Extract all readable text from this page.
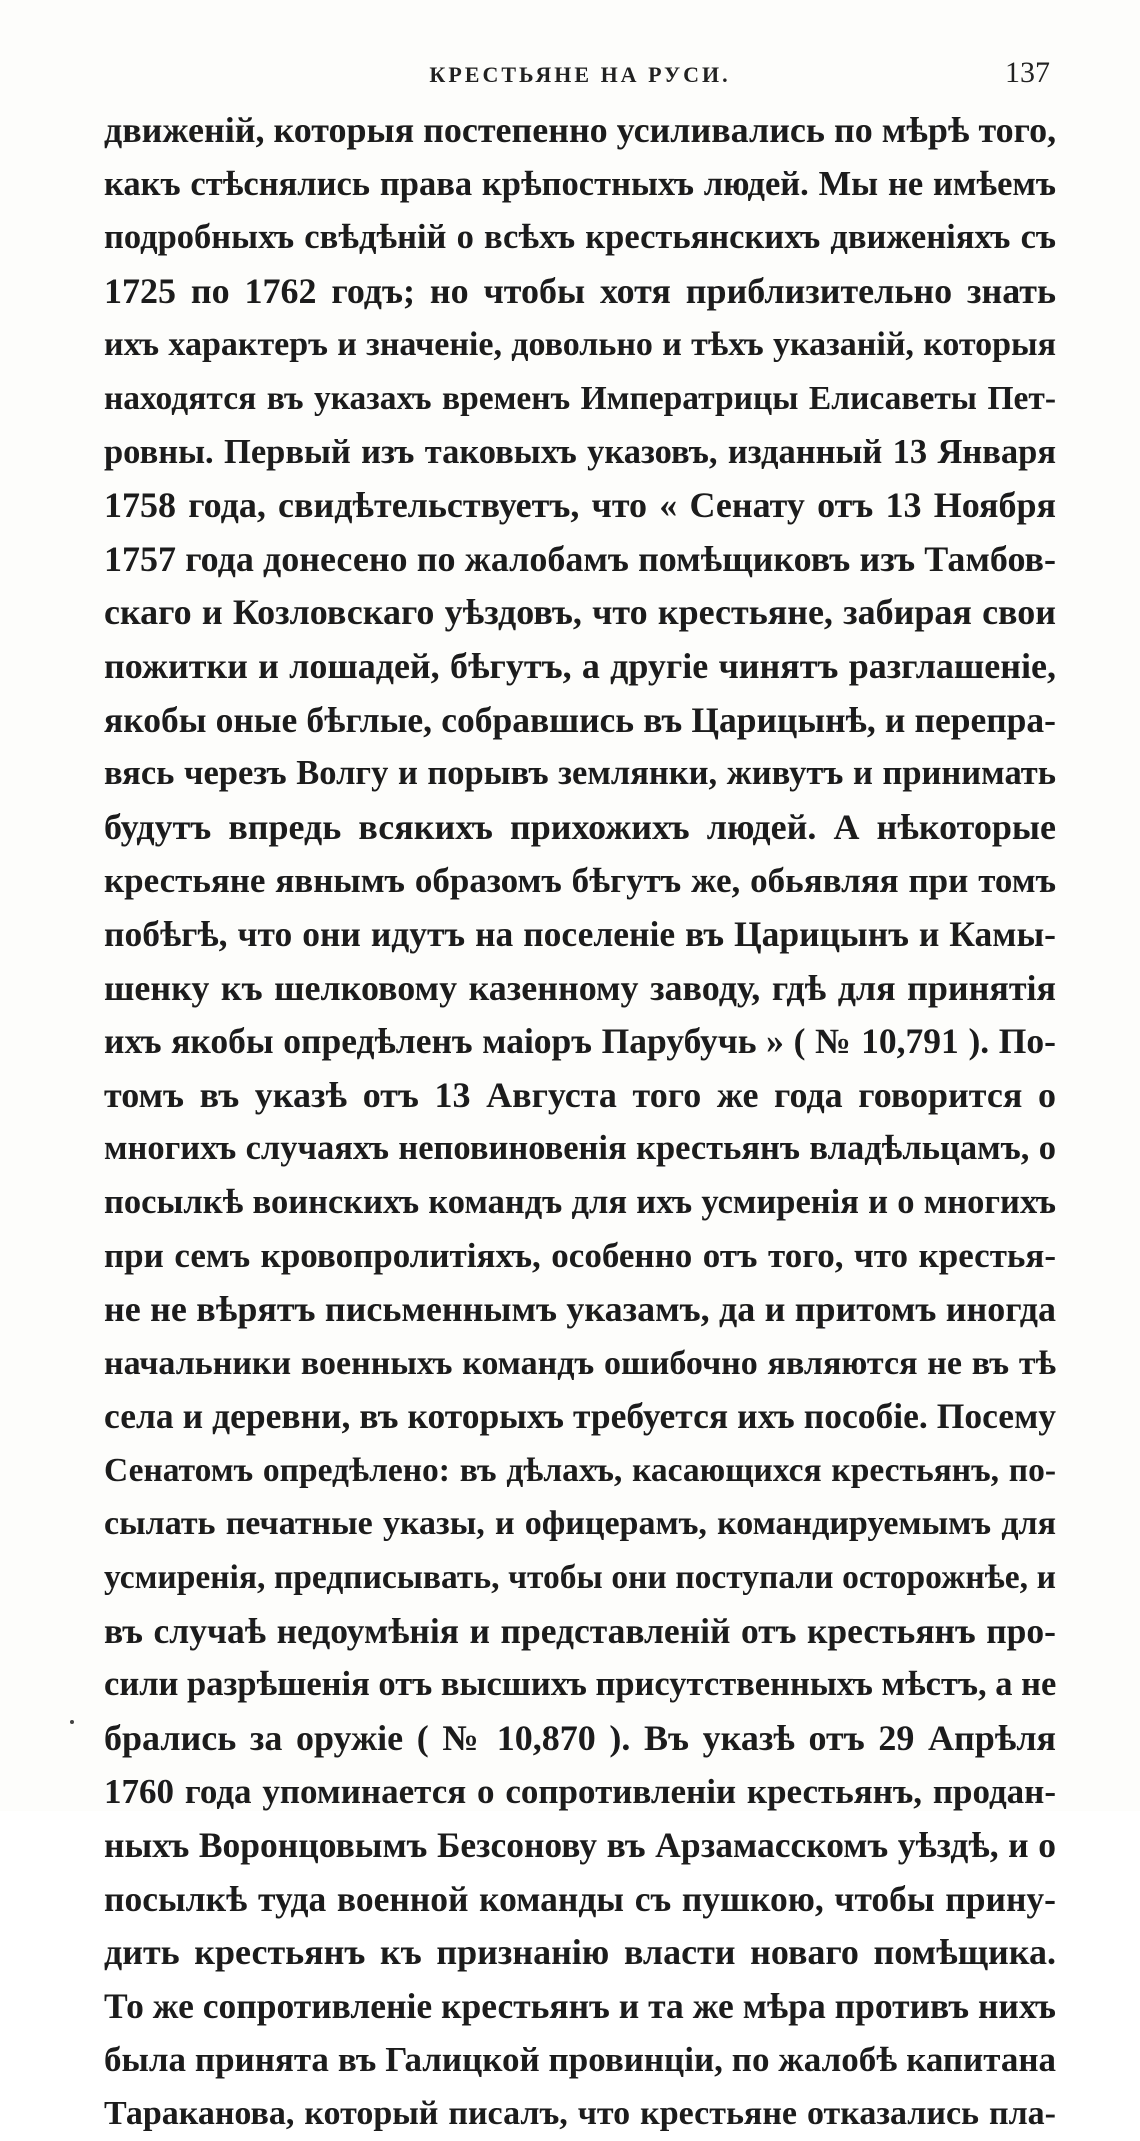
КРЕСТЬЯНЕ НА РУСИ.	137
движеній, которыя постепенно усиливались по мѣрѣ того,
какъ стѣснялись права крѣпостныхъ людей. Мы не имѣемъ
подробныхъ свѣдѣній о всѣхъ крестьянскихъ движеніяхъ съ
1725 по 1762 годъ; но чтобы хотя приблизительно знать
ихъ характеръ и значеніе, довольно и тѣхъ указаній, которыя
находятся въ указахъ временъ Императрицы Елисаветы Пет-
ровны. Первый изъ таковыхъ указовъ, изданный 13 Января
1758 года, свидѣтельствуетъ, что « Сенату отъ 13 Ноября
1757 года донесено по жалобамъ помѣщиковъ изъ Тамбов-
скаго и Козловскаго уѣздовъ, что крестьяне, забирая свои
пожитки и лошадей, бѣгутъ, а другіе чинятъ разглашеніе,
якобы оные бѣглые, собравшись въ Царицынѣ, и перепра-
вясь черезъ Волгу и порывъ землянки, живутъ и принимать
будутъ впредь всякихъ прихожихъ людей. А нѣкоторые
крестьяне явнымъ образомъ бѣгутъ же, обьявляя при томъ
побѣгѣ, что они идутъ на поселеніе въ Царицынъ и Камы-
шенку къ шелковому казенному заводу, гдѣ для принятія
ихъ якобы опредѣленъ маіоръ Парубучь » ( № 10,791 ). По-
томъ въ указѣ отъ 13 Августа того же года говорится о
многихъ случаяхъ неповиновенія крестьянъ владѣльцамъ, о
посылкѣ воинскихъ командъ для ихъ усмиренія и о многихъ
при семъ кровопролитіяхъ, особенно отъ того, что крестья-
не не вѣрятъ письменнымъ указамъ, да и притомъ иногда
начальники военныхъ командъ ошибочно являются не въ тѣ
села и деревни, въ которыхъ требуется ихъ пособіе. Посему
Сенатомъ опредѣлено: въ дѣлахъ, касающихся крестьянъ, по-
сылать печатные указы, и офицерамъ, командируемымъ для
усмиренія, предписывать, чтобы они поступали осторожнѣе, и
въ случаѣ недоумѣнія и представленій отъ крестьянъ про-
сили разрѣшенія отъ высшихъ присутственныхъ мѣстъ, а не
брались за оружіе ( № 10,870 ). Въ указѣ отъ 29 Апрѣля
1760 года упоминается о сопротивленіи крестьянъ, продан-
ныхъ Воронцовымъ Безсонову въ Арзамасскомъ уѣздѣ, и о
посылкѣ туда военной команды съ пушкою, чтобы прину-
дить крестьянъ къ признанію власти новаго помѣщика.
То же сопротивленіе крестьянъ и та же мѣра противъ нихъ
была принята въ Галицкой провинціи, по жалобѣ капитана
Тараканова, который писалъ, что крестьяне отказались пла-
